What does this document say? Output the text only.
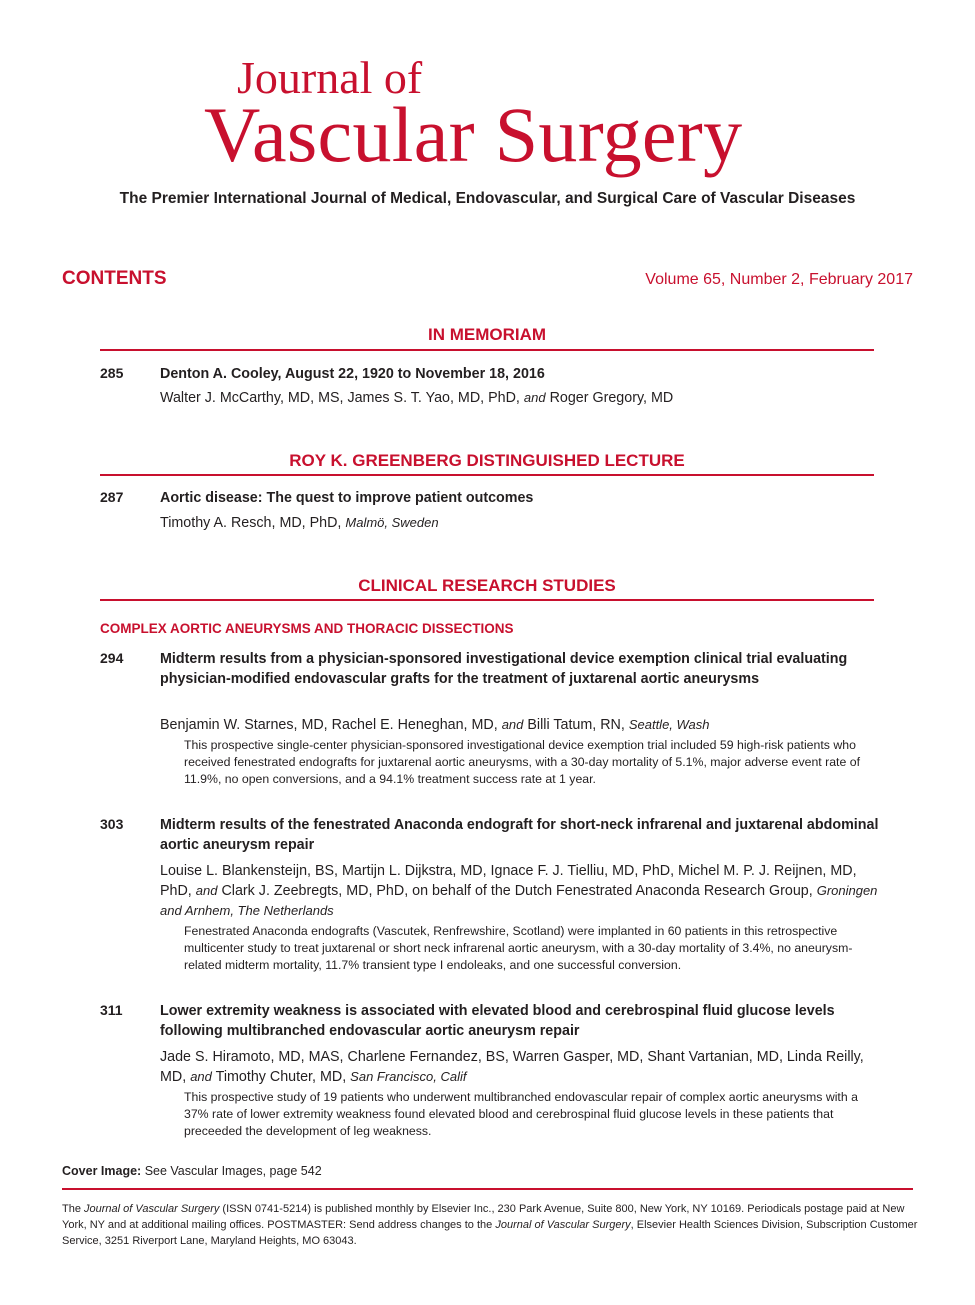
Journal of
Vascular Surgery
The Premier International Journal of Medical, Endovascular, and Surgical Care of Vascular Diseases
CONTENTS	Volume 65, Number 2, February 2017
IN MEMORIAM
285	Denton A. Cooley, August 22, 1920 to November 18, 2016
Walter J. McCarthy, MD, MS, James S. T. Yao, MD, PhD, and Roger Gregory, MD
ROY K. GREENBERG DISTINGUISHED LECTURE
287	Aortic disease: The quest to improve patient outcomes
Timothy A. Resch, MD, PhD, Malmö, Sweden
CLINICAL RESEARCH STUDIES
COMPLEX AORTIC ANEURYSMS AND THORACIC DISSECTIONS
294	Midterm results from a physician-sponsored investigational device exemption clinical trial evaluating physician-modified endovascular grafts for the treatment of juxtarenal aortic aneurysms
Benjamin W. Starnes, MD, Rachel E. Heneghan, MD, and Billi Tatum, RN, Seattle, Wash
This prospective single-center physician-sponsored investigational device exemption trial included 59 high-risk patients who received fenestrated endografts for juxtarenal aortic aneurysms, with a 30-day mortality of 5.1%, major adverse event rate of 11.9%, no open conversions, and a 94.1% treatment success rate at 1 year.
303	Midterm results of the fenestrated Anaconda endograft for short-neck infrarenal and juxtarenal abdominal aortic aneurysm repair
Louise L. Blankensteijn, BS, Martijn L. Dijkstra, MD, Ignace F. J. Tielliu, MD, PhD, Michel M. P. J. Reijnen, MD, PhD, and Clark J. Zeebregts, MD, PhD, on behalf of the Dutch Fenestrated Anaconda Research Group, Groningen and Arnhem, The Netherlands
Fenestrated Anaconda endografts (Vascutek, Renfrewshire, Scotland) were implanted in 60 patients in this retrospective multicenter study to treat juxtarenal or short neck infrarenal aortic aneurysm, with a 30-day mortality of 3.4%, no aneurysm-related midterm mortality, 11.7% transient type I endoleaks, and one successful conversion.
311	Lower extremity weakness is associated with elevated blood and cerebrospinal fluid glucose levels following multibranched endovascular aortic aneurysm repair
Jade S. Hiramoto, MD, MAS, Charlene Fernandez, BS, Warren Gasper, MD, Shant Vartanian, MD, Linda Reilly, MD, and Timothy Chuter, MD, San Francisco, Calif
This prospective study of 19 patients who underwent multibranched endovascular repair of complex aortic aneurysms with a 37% rate of lower extremity weakness found elevated blood and cerebrospinal fluid glucose levels in these patients that preceeded the development of leg weakness.
Cover Image: See Vascular Images, page 542
The Journal of Vascular Surgery (ISSN 0741-5214) is published monthly by Elsevier Inc., 230 Park Avenue, Suite 800, New York, NY 10169. Periodicals postage paid at New York, NY and at additional mailing offices. POSTMASTER: Send address changes to the Journal of Vascular Surgery, Elsevier Health Sciences Division, Subscription Customer Service, 3251 Riverport Lane, Maryland Heights, MO 63043.
